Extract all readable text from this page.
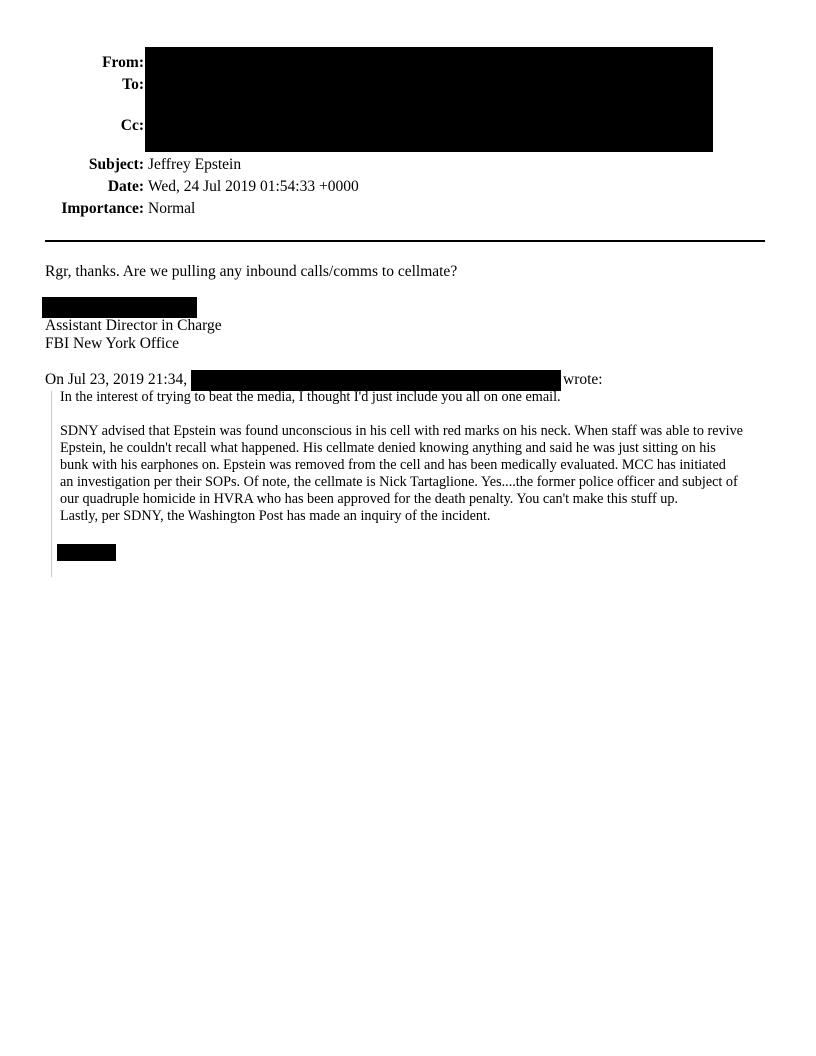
From:
To:
Cc:
Subject: Jeffrey Epstein
Date: Wed, 24 Jul 2019 01:54:33 +0000
Importance: Normal
Rgr, thanks. Are we pulling any inbound calls/comms to cellmate?
Assistant Director in Charge
FBI New York Office
On Jul 23, 2019 21:34,	wrote:
In the interest of trying to beat the media, I thought I'd just include you all on one email.
SDNY advised that Epstein was found unconscious in his cell with red marks on his neck. When staff was able to revive
Epstein, he couldn't recall what happened. His cellmate denied knowing anything and said he was just sitting on his
bunk with his earphones on. Epstein was removed from the cell and has been medically evaluated. MCC has initiated
an investigation per their SOPs. Of note, the cellmate is Nick Tartaglione. Yes....the former police officer and subject of
our quadruple homicide in HVRA who has been approved for the death penalty. You can't make this stuff up.
Lastly, per SDNY, the Washington Post has made an inquiry of the incident.
